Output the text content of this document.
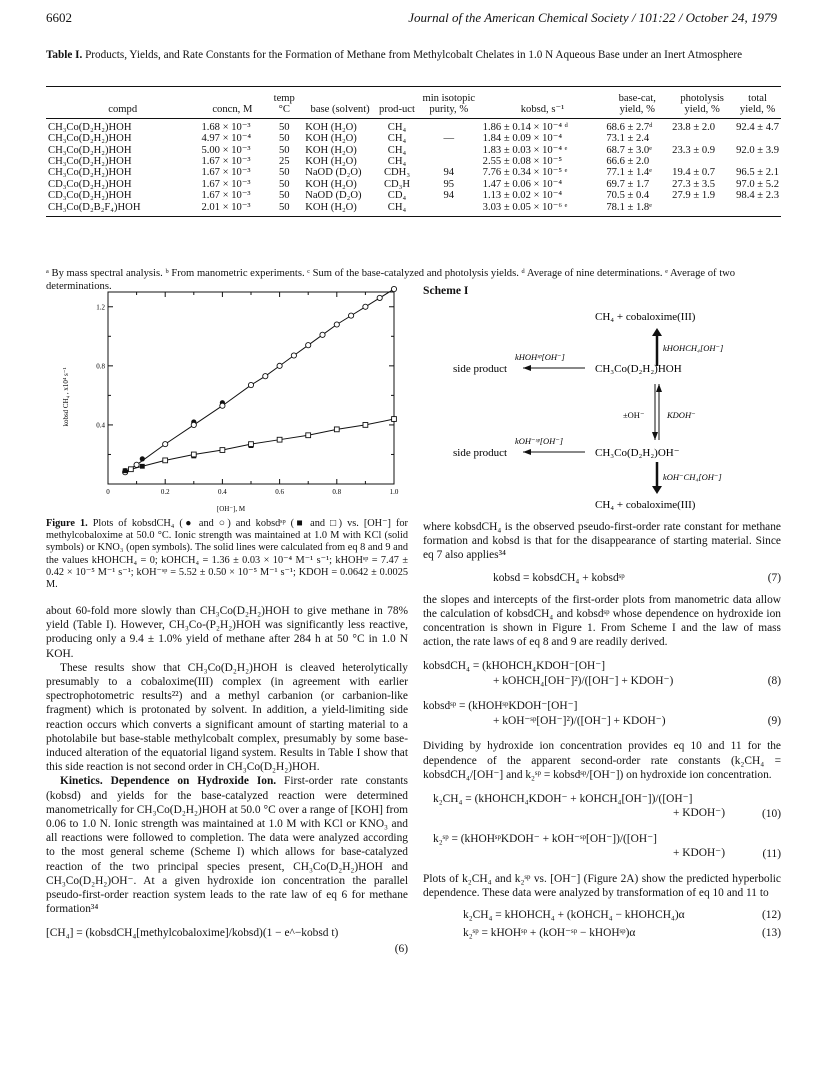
6602	Journal of the American Chemical Society / 101:22 / October 24, 1979
Table I. Products, Yields, and Rate Constants for the Formation of Methane from Methylcobalt Chelates in 1.0 N Aqueous Base under an Inert Atmosphere
compd	concn, M	temp °C	base (solvent)	prod-uct	min isotopic purity, %	kobsd, s⁻¹	base-cat, yield, %	photolysis yield, %	total yield, %
CH₃Co(D₂H₂)HOH	1.68 × 10⁻³	50	KOH (H₂O)	CH₄		1.86 ± 0.14 × 10⁻⁴ ᵈ	68.6 ± 2.7ᵈ	23.8 ± 2.0	92.4 ± 4.7
CH₃Co(D₂H₂)HOH	4.97 × 10⁻⁴	50	KOH (H₂O)	CH₄	—	1.84 ± 0.09 × 10⁻⁴	73.1 ± 2.4		
CH₃Co(D₂H₂)HOH	5.00 × 10⁻³	50	KOH (H₂O)	CH₄		1.83 ± 0.03 × 10⁻⁴ ᵉ	68.7 ± 3.0ᵉ	23.3 ± 0.9	92.0 ± 3.9
CH₃Co(D₂H₂)HOH	1.67 × 10⁻³	25	KOH (H₂O)	CH₄		2.55 ± 0.08 × 10⁻⁵	66.6 ± 2.0		
CH₃Co(D₂H₂)HOH	1.67 × 10⁻³	50	NaOD (D₂O)	CDH₃	94	7.76 ± 0.34 × 10⁻⁵ ᵉ	77.1 ± 1.4ᵉ	19.4 ± 0.7	96.5 ± 2.1
CD₃Co(D₂H₂)HOH	1.67 × 10⁻³	50	KOH (H₂O)	CD₃H	95	1.47 ± 0.06 × 10⁻⁴	69.7 ± 1.7	27.3 ± 3.5	97.0 ± 5.2
CD₃Co(D₂H₂)HOH	1.67 × 10⁻³	50	NaOD (D₂O)	CD₄	94	1.13 ± 0.02 × 10⁻⁴	70.5 ± 0.4	27.9 ± 1.9	98.4 ± 2.3
CH₃Co(D₂B₂F₄)HOH	2.01 × 10⁻³	50	KOH (H₂O)	CH₄		3.03 ± 0.05 × 10⁻⁶ ᵉ	78.1 ± 1.8ᵉ		
ᵃ By mass spectral analysis. ᵇ From manometric experiments. ᶜ Sum of the base-catalyzed and photolysis yields. ᵈ Average of nine determinations. ᵉ Average of two determinations.
0	0.2	0.4	0.6	0.8	1.0
0.4
0.8
1.2
kobsd CH₄ , x10⁴ s⁻¹
[OH⁻], M
Figure 1. Plots of kobsdCH₄ (● and ○) and kobsdˢᵖ (■ and □) vs. [OH⁻] for methylcobaloxime at 50.0 °C. Ionic strength was maintained at 1.0 M with KCl (solid symbols) or KNO₃ (open symbols). The solid lines were calculated from eq 8 and 9 and the values kHOHCH₄ = 0; kOHCH₄ = 1.36 ± 0.03 × 10⁻⁴ M⁻¹ s⁻¹; kHOHˢᵖ = 7.47 ± 0.42 × 10⁻⁵ M⁻¹ s⁻¹; kOH⁻ˢᵖ = 5.52 ± 0.50 × 10⁻⁵ M⁻¹ s⁻¹; KDOH = 0.0642 ± 0.0025 M.

about 60-fold more slowly than CH₃Co(D₂H₂)HOH to give methane in 78% yield (Table I). However, CH₃Co-(P₂H₂)HOH was significantly less reactive, producing only a 9.4 ± 1.0% yield of methane after 284 h at 50 °C in 1.0 N KOH.

These results show that CH₃Co(D₂H₂)HOH is cleaved heterolytically presumably to a cobaloxime(III) complex (in agreement with earlier spectrophotometric results²²) and a methyl carbanion (or carbanion-like fragment) which is protonated by solvent. In addition, a yield-limiting side reaction occurs which converts a significant amount of starting material to a photolabile but base-stable methylcobalt complex, presumably by some base-induced alteration of the equatorial ligand system. Results in Table I show that this side reaction is not second order in CH₃Co(D₂H₂)HOH.

Kinetics. Dependence on Hydroxide Ion. First-order rate constants (kobsd) and yields for the base-catalyzed reaction were determined manometrically for CH₃Co(D₂H₂)HOH at 50.0 °C over a range of [KOH] from 0.06 to 1.0 N. Ionic strength was maintained at 1.0 M with KCl or KNO₃ and all reactions were followed to completion. The data were analyzed according to the most general scheme (Scheme I) which allows for base-catalyzed reaction of the two principal species present, CH₃Co(D₂H₂)HOH and CH₃Co(D₂H₂)OH⁻. At a given hydroxide ion concentration the parallel pseudo-first-order reaction system leads to the rate law of eq 6 for methane formation³⁴

[CH₄] = (kobsdCH₄[methylcobaloxime]/kobsd)(1 − e^−kobsd t)
(6)
Scheme I
CH₄ + cobaloxime(III)
kHOHCH₄[OH⁻]
kHOHˢᵖ[OH⁻]
side product	CH₃Co(D₂H₂)HOH
±OH⁻	KDOH⁻
kOH⁻ˢᵖ[OH⁻]
side product	CH₃Co(D₂H₂)OH⁻
kOH⁻CH₄[OH⁻]
CH₄ + cobaloxime(III)

where kobsdCH₄ is the observed pseudo-first-order rate constant for methane formation and kobsd is that for the disappearance of starting material. Since eq 7 also applies³⁴

kobsd = kobsdCH₄ + kobsdˢᵖ	(7)

the slopes and intercepts of the first-order plots from manometric data allow the calculation of kobsdCH₄ and kobsdˢᵖ whose dependence on hydroxide ion concentration is shown in Figure 1. From Scheme I and the law of mass action, the rate laws of eq 8 and 9 are readily derived.

kobsdCH₄ = (kHOHCH₄KDOH⁻[OH⁻]
+ kOHCH₄[OH⁻]²)/([OH⁻] + KDOH⁻)	(8)
kobsdˢᵖ = (kHOHˢᵖKDOH⁻[OH⁻]
+ kOH⁻ˢᵖ[OH⁻]²)/([OH⁻] + KDOH⁻)	(9)

Dividing by hydroxide ion concentration provides eq 10 and 11 for the dependence of the apparent second-order rate constants (k₂CH₄ = kobsdCH₄/[OH⁻] and k₂ˢᵖ = kobsdˢᵖ/[OH⁻]) on hydroxide ion concentration.

k₂CH₄ = (kHOHCH₄KDOH⁻ + kOHCH₄[OH⁻])/([OH⁻]
+ KDOH⁻)	(10)
k₂ˢᵖ = (kHOHˢᵖKDOH⁻ + kOH⁻ˢᵖ[OH⁻])/([OH⁻]
+ KDOH⁻)	(11)

Plots of k₂CH₄ and k₂ˢᵖ vs. [OH⁻] (Figure 2A) show the predicted hyperbolic dependence. These data were analyzed by transformation of eq 10 and 11 to

k₂CH₄ = kHOHCH₄ + (kOHCH₄ − kHOHCH₄)α	(12)
k₂ˢᵖ = kHOHˢᵖ + (kOH⁻ˢᵖ − kHOHˢᵖ)α	(13)
